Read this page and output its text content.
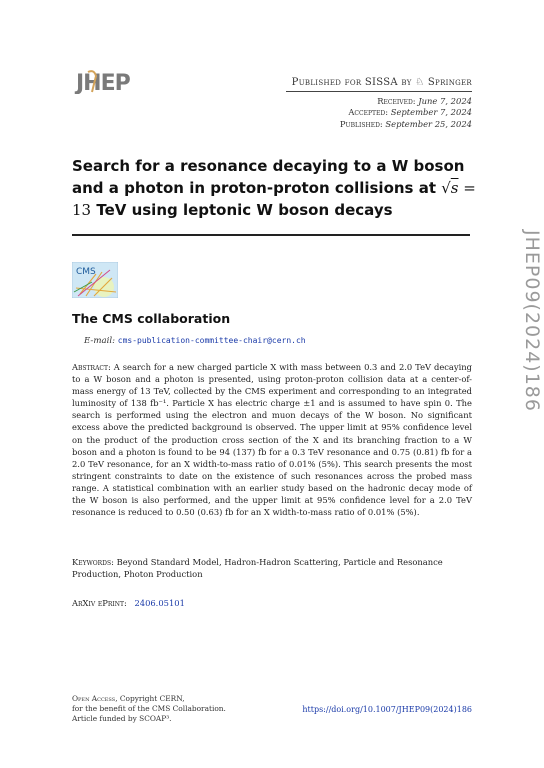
JHEP	Published for SISSA by ♘ Springer
Received: June 7, 2024
Accepted: September 7, 2024
Published: September 25, 2024
Search for a resonance decaying to a W boson and a photon in proton-proton collisions at √s = 13 TeV using leptonic W boson decays
CMS
The CMS collaboration
E-mail: cms-publication-committee-chair@cern.ch
Abstract: A search for a new charged particle X with mass between 0.3 and 2.0 TeV decaying to a W boson and a photon is presented, using proton-proton collision data at a center-of-mass energy of 13 TeV, collected by the CMS experiment and corresponding to an integrated luminosity of 138 fb⁻¹. Particle X has electric charge ±1 and is assumed to have spin 0. The search is performed using the electron and muon decays of the W boson. No significant excess above the predicted background is observed. The upper limit at 95% confidence level on the product of the production cross section of the X and its branching fraction to a W boson and a photon is found to be 94 (137) fb for a 0.3 TeV resonance and 0.75 (0.81) fb for a 2.0 TeV resonance, for an X width-to-mass ratio of 0.01% (5%). This search presents the most stringent constraints to date on the existence of such resonances across the probed mass range. A statistical combination with an earlier study based on the hadronic decay mode of the W boson is also performed, and the upper limit at 95% confidence level for a 2.0 TeV resonance is reduced to 0.50 (0.63) fb for an X width-to-mass ratio of 0.01% (5%).
Keywords: Beyond Standard Model, Hadron-Hadron Scattering, Particle and Resonance Production, Photon Production
ArXiv ePrint: 2406.05101
JHEP09(2024)186
Open Access, Copyright CERN,
for the benefit of the CMS Collaboration.
Article funded by SCOAP³.
https://doi.org/10.1007/JHEP09(2024)186
